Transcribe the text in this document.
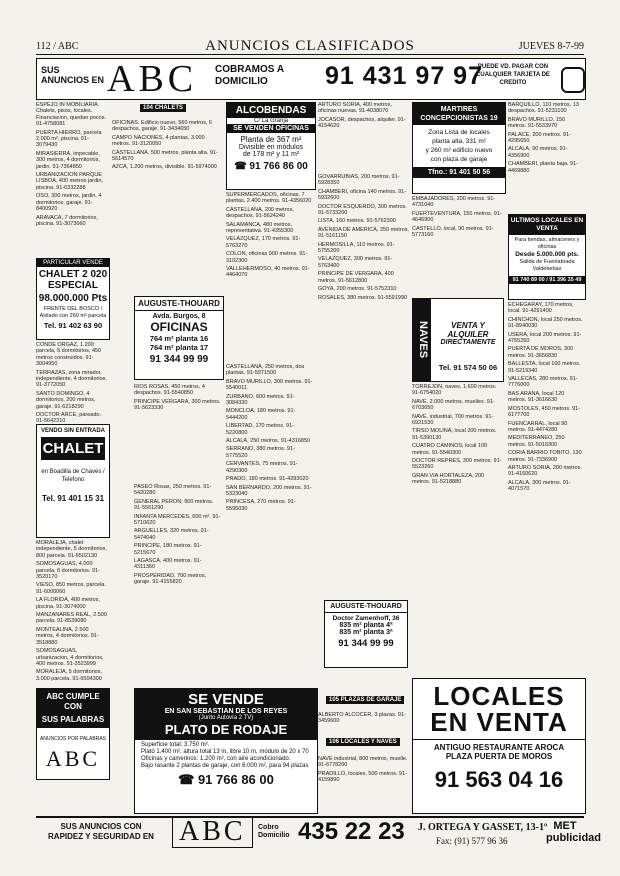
112 / ABC	ANUNCIOS CLASIFICADOS	JUEVES 8-7-99
SUS ANUNCIOS EN ABC COBRAMOS A DOMICILIO	91 431 97 97
PUEDE VD. PAGAR CON CUALQUIER TARJETA DE CREDITO

ESPEJO IN MOBILIARIA. Chalets, pisos, locales. Financiacion, quedan pocos. 91-4758081

PUERTA HIERRO, parcela 2.000 m², piscina. 91-3079430

MIRASIERRA, impecable, 300 metros, 4 dormitorios, jardin. 91-7364850

URBANIZACION PARQUE LISBOA, 400 metros jardin, piscina. 91-6332288

OSO, 300 metros, jardin, 4 dormitorios, garaje. 91-8400920

ARAVACA, 7 dormitorios, piscina. 91-3073660

PARTICULAR VENDE
CHALET 2 020 ESPECIAL
98.000.000 Pts
FRENTE DEL BOSCO / Aislado con 260 m² parcela
Tel. 91 402 63 90

CONDE ORGAZ, 1.200 parcela, 5 dormitorios, 450 metros construidos. 91-3004950

TERRAZAS, zona mirador, independiente, 4 dormitorios. 91-3772050

SANTO DOMINGO, 4 dormitorios, 200 metros, garaje. 91-6218290

DOCTOR ARCE, pareado. 91-5642310

VENDO SIN ENTRADA
CHALET
en Boadilla de Chaves / Telefono
Tel. 91 401 15 31

MORALEJA, chalet independiente, 5 dormitorios, 800 parcela. 91-6502130

SOMOSAGUAS, 4.000 parcela, 6 dormitorios. 91-3520170

VIESO, 850 metros, parcela. 91-6000060

LA FLORIDA, 400 metros, piscina. 91-3074000

MANZANARES REAL, 2.500 parcela. 91-8539080

MONTEALINA, 2.500 metros, 4 dormitorios. 91-3518880

SOMOSAGUAS, urbanizacion, 4 dormitorios, 400 metros. 91-3523999

MORALEJA, 5 dormitorios, 3.000 parcela. 91-6504300

ABC CUMPLE CON
SUS PALABRAS
ANUNCIOS POR PALABRAS
ABC
104 CHALETS

OFICINAS. Edificio nuevo, 560 metros, 6 despachos, garaje. 91-3434650

CAMPO NACIONES, 4 plantas, 3.000 metros. 91-3120050

CASTELLANA, 500 metros, planta alta. 91-5614570

AZCA, 1.200 metros, divisible. 91-5974000

AUGUSTE-THOUARD
Avda. Burgos, 8
OFICINAS
764 m² planta 16
764 m² planta 17
91 344 99 99

RIOS ROSAS, 450 metros, 4 despachos. 91-5540850

PRINCIPE VERGARA, 300 metros. 91-5623330

PASEO Rosas, 250 metros. 91-5420280

GENERAL PERON, 900 metros. 91-5561290

INFANTA MERCEDES, 600 m². 91-5710620

ARGUELLES, 320 metros. 91-5474040

PRINCIPE, 180 metros. 91-5215670

LAGASCA, 400 metros. 91-4311360

PROSPERIDAD, 700 metros, garaje. 91-4155820

ALCOBENDAS
C/ La Granja
SE VENDEN OFICINAS
Planta de 367 m²
Divisible en módulos
de 178 m² y 11 m²
☎ 91 766 86 00

SUPERMERCADOS, oficinas, 7 plantas, 2.400 metros. 91-4356020

CASTELLANA, 200 metros, despachos. 91-5624240

SALAMANCA, 480 metros, representativa. 91-4355300

VELAZQUEZ, 170 metros. 91-5763270

COLON, oficinas 900 metros. 91-3102300

VALLEHERMOSO, 40 metros. 91-4464070

CASTELLANA, 250 metros, dos plantas. 91-5971500

BRAVO MURILLO, 300 metros. 91-5540011

ZURBANO, 600 metros. 91-3084330

MONCLOA, 180 metros. 91-5444200

LIBERTAD, 170 metros. 91-5220800

ALCALA, 250 metros. 91-4316850

SERRANO, 380 metros. 91-5775520

CERVANTES, 75 metros. 91-4290300

PRADO, 180 metros. 91-4293020

SAN BERNARDO, 200 metros. 91-5323040

PRINCESA, 270 metros. 91-5595030

SE VENDE
EN SAN SEBASTIAN DE LOS REYES
(Junto Autovía 2 TV)
PLATO DE RODAJE
Superficie total: 3.750 m².
Plató 1.400 m², altura total 13 m, libre 10 m, módulo de 20 x 70
Oficinas y camerinos: 1.200 m², con aire acondicionado.
Bajo rasante 2 plantas de garaje, con 6.000 m², para 94 plazas
☎ 91 766 86 00

ARTURO SORIA, 400 metros, oficinas nuevas. 91-4038070

JOCASOR, despachos, alquiler. 91-4154620

GOVARRUBIAS, 200 metros. 91-5928350

CHAMBERI, oficina 140 metros. 91-5932600

DOCTOR ESQUERDO, 300 metros. 91-5733200

LISTA, 160 metros. 91-5762300

AVENIDA DE AMERICA, 250 metros. 91-5161150

HERMOSILLA, 110 metros. 91-5755200

VELAZQUEZ, 300 metros. 91-5763400

PRINCIPE DE VERGARA, 400 metros. 91-5612800

GOYA, 200 metros. 91-5752310

ROSALES, 380 metros. 91-5591990

AUGUSTE-THOUARD
Doctor Zamenhoff, 36
835 m² planta 4ª
835 m² planta 3ª
91 344 99 99
105 PLAZAS DE GARAJE

ALBERTO ALCOCER, 3 plazas. 91-3459600

106 LOCALES Y NAVES

NAVE industrial, 800 metros, muelle. 91-6778200

PRADILLO, locales, 500 metros. 91-4159890

MARTIRES CONCEPCIONISTAS 19
Zona Lista de locales
planta alta, 331 m²
y 260 m² edificio nuevo
con plaza de garaje
Tfno.: 91 401 50 56

EMBAJADORES, 200 metros. 91-4731040

FUERTEVENTURA, 150 metros. 91-4646900

CASTELLO, local, 90 metros. 91-5773160

NAVES	VENTA Y ALQUILER
DIRECTAMENTE
Tel. 91 574 50 06

TORREJON, naves, 1.600 metros. 91-6754020

NAVE, 2.000 metros, muelles. 91-6703050

NAVE, industrial, 700 metros. 91-6921530

TIRSO MOLINA, local 200 metros. 91-5390130

CUATRO CAMINOS, local 100 metros. 91-5540300

DOCTOR REPRES, 300 metros. 91-5523260

GRAN VIA HORTALEZA, 200 metros. 91-5218880

BARQUILLO, 110 metros, 13 despachos. 91-5231100

BRAVO MURILLO, 150 metros. 91-5533970

PALACE, 200 metros. 91-4295650

ALCALA, 90 metros. 91-4356900

CHAMBERI, planta baja. 91-4469880

ULTIMOS LOCALES EN VENTA
Para tiendas, almacenes y oficinas
Desde 5.000.000 pts.
Salida de Fuenlabrada
Valdebebas
91 740 89 00 / 91 396 35 49

ECHEGARAY, 170 metros, local. 91-4291400

CHINCHON, local 250 metros. 91-8940030

USERA, local 200 metros. 91-4765250

PUERTA DE MOROS, 300 metros. 91-3656830

BALLESTA, local 100 metros. 91-5219340

VALLECAS, 280 metros. 91-7776000

BAS ARANA, local 120 metros. 91-3616630

MOSTOLES, 450 metros. 91-6177700

FUENCARRAL, local 90 metros. 91-4474280

MEDITERRANEO, 250 metros. 91-5016300

CORIA BARRIO TOBITO, 130 metros. 91-7336900

ARTURO SORIA, 200 metros. 91-4160620

ALCALA, 300 metros. 91-4071570

LOCALES
EN VENTA
ANTIGUO RESTAURANTE AROCA
PLAZA PUERTA DE MOROS
91 563 04 16
SUS ANUNCIOS CON
RAPIDEZ Y SEGURIDAD EN ABC	Cobro Domicilio 435 22 23 J. ORTEGA Y GASSET, 13-1º
Fax: (91) 577 96 36
MET publicidad
